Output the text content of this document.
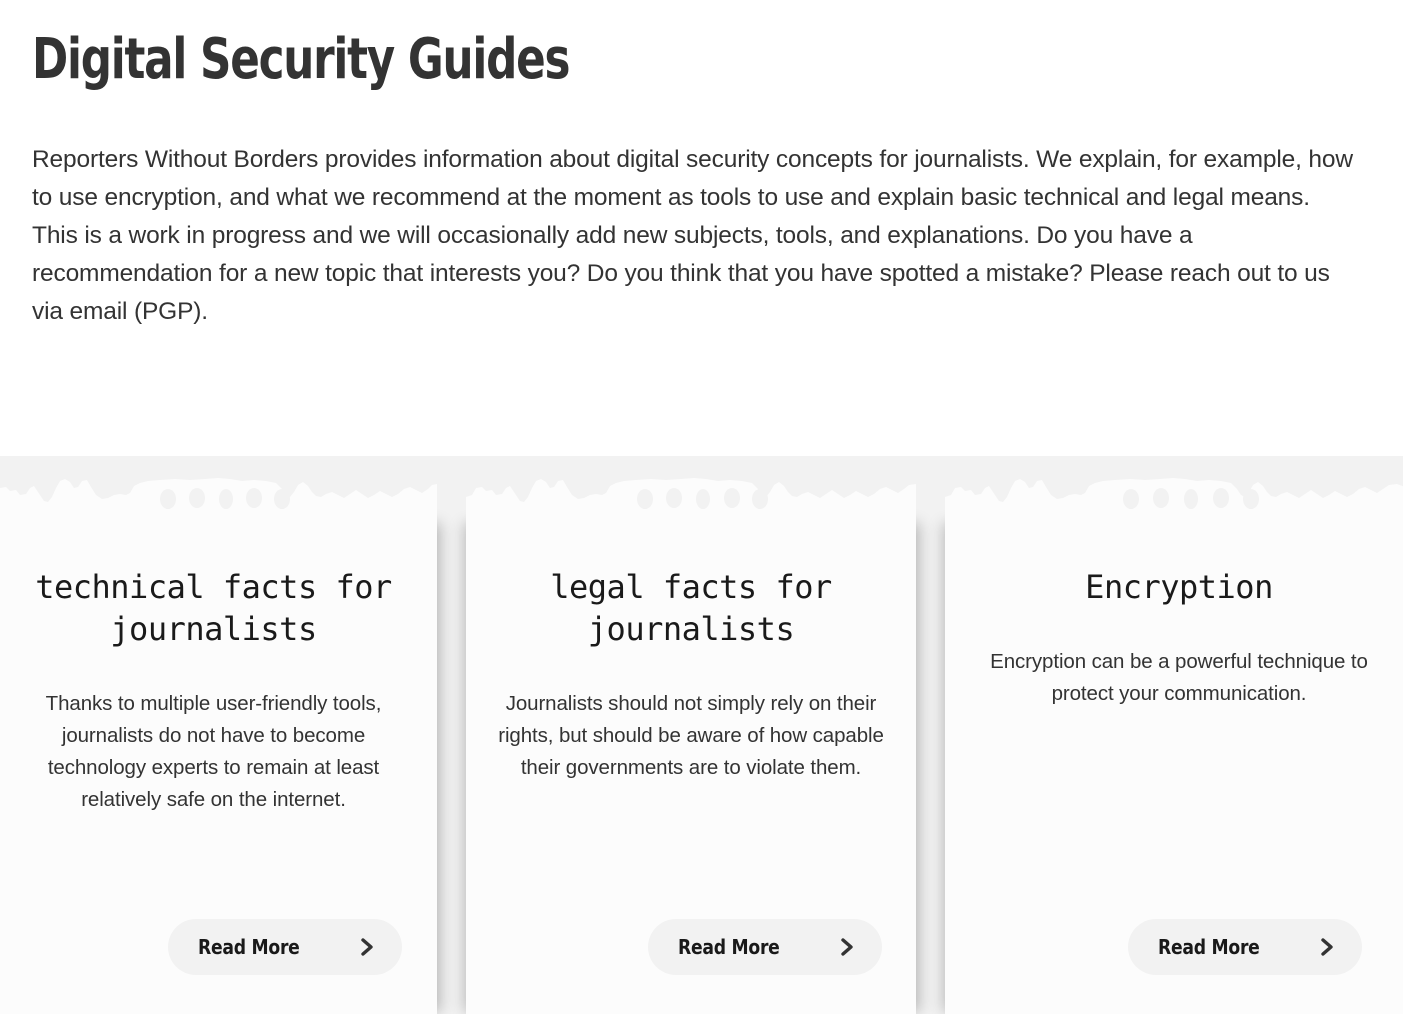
Digital Security Guides

Reporters Without Borders provides information about digital security concepts for journalists. We explain, for example, how to use encryption, and what we recommend at the moment as tools to use and explain basic technical and legal means.

This is a work in progress and we will occasionally add new subjects, tools, and explanations. Do you have a recommendation for a new topic that interests you? Do you think that you have spotted a mistake? Please reach out to us via email (PGP).

technical facts for journalists
Thanks to multiple user-friendly tools, journalists do not have to become technology experts to remain at least relatively safe on the internet.
legal facts for journalists
Journalists should not simply rely on their rights, but should be aware of how capable their governments are to violate them.
Encryption
Encryption can be a powerful technique to protect your communication.
Read More	Read More	Read More
